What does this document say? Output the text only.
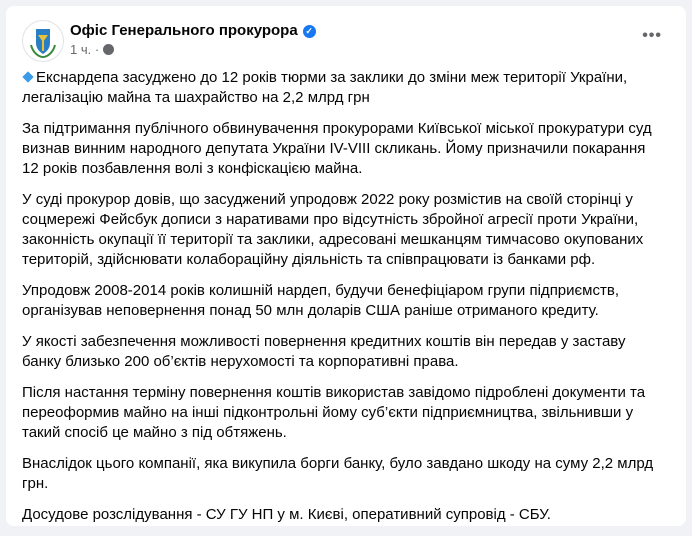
Офіс Генерального прокурора ✓
1 ч. ·
•••

Екснардепа засуджено до 12 років тюрми за заклики до зміни меж території України, легалізацію майна та шахрайство на 2,2 млрд грн

За підтримання публічного обвинувачення прокурорами Київської міської прокуратури суд визнав винним народного депутата України IV-VIII скликань. Йому призначили покарання 12 років позбавлення волі з конфіскацією майна.

У суді прокурор довів, що засуджений упродовж 2022 року розмістив на своїй сторінці у соцмережі Фейсбук дописи з наративами про відсутність збройної агресії проти України, законність окупації її території та заклики, адресовані мешканцям тимчасово окупованих територій, здійснювати колабораційну діяльність та співпрацювати із банками рф.

Упродовж 2008-2014 років колишній нардеп, будучи бенефіціаром групи підприємств, організував неповернення понад 50 млн доларів США раніше отриманого кредиту.

У якості забезпечення можливості повернення кредитних коштів він передав у заставу банку близько 200 об’єктів нерухомості та корпоративні права.

Після настання терміну повернення коштів використав завідомо підроблені документи та переоформив майно на інші підконтрольні йому суб’єкти підприємництва, звільнивши у такий спосіб це майно з під обтяжень.

Внаслідок цього компанії, яка викупила борги банку, було завдано шкоду на суму 2,2 млрд грн.

Досудове розслідування - СУ ГУ НП у м. Києві, оперативний супровід - СБУ.
